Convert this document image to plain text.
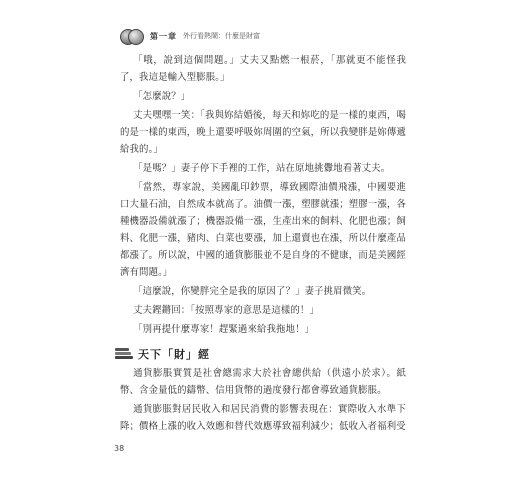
第一章 外行看熱鬧：什麼是財富

「哦，說到這個問題。」丈夫又點燃一根菸，「那就更不能怪我了，我這是輸入型膨脹。」

「怎麼說？」

丈夫嘿嘿一笑：「我與妳結婚後，每天和妳吃的是一樣的東西，喝的是一樣的東西，晚上還要呼吸妳周圍的空氣，所以我變胖是妳傳遞給我的。」

「是嗎？」妻子停下手裡的工作，站在原地挑釁地看著丈夫。

「當然，專家說，美國亂印鈔票，導致國際油價飛漲，中國要進口大量石油，自然成本就高了。油價一漲，塑膠就漲；塑膠一漲，各種機器設備就漲了；機器設備一漲，生產出來的飼料、化肥也漲；飼料、化肥一漲，豬肉、白菜也要漲，加上還賣也在漲，所以什麼產品都漲了。所以說，中國的通貨膨脹並不是自身的不健康，而是美國經濟有問題。」

「這麼說，你變胖完全是我的原因了？」妻子挑眉微笑。

丈夫鏗鏘回：「按照專家的意思是這樣的！」

「別再提什麼專家！趕緊過來給我拖地！」

天下「財」經

通貨膨脹實質是社會總需求大於社會總供給（供遠小於求）。紙幣、含金量低的鑄幣、信用貨幣的過度發行都會導致通貨膨脹。

通貨膨脹對居民收入和居民消費的影響表現在：實際收入水準下降；價格上漲的收入效應和替代效應導致福利減少；低收入者福利受

38
